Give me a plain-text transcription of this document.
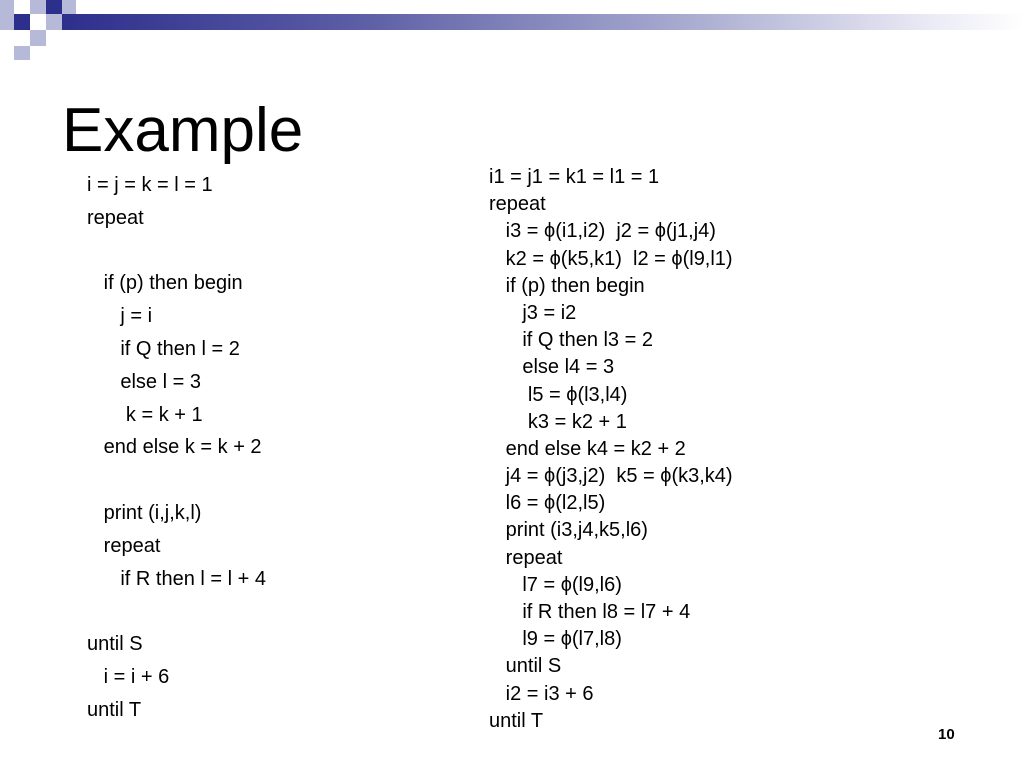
Example
i = j = k = l = 1
repeat
if (p) then begin
j = i
if Q then l = 2
else l = 3
k = k + 1
end else k = k + 2
print (i,j,k,l)
repeat
if R then l = l + 4
until S
i = i + 6
until T
i1 = j1 = k1 = l1 = 1
repeat
i3 = ϕ(i1,i2)  j2 = ϕ(j1,j4)
k2 = ϕ(k5,k1)  l2 = ϕ(l9,l1)
if (p) then begin
j3 = i2
if Q then l3 = 2
else l4 = 3
l5 = ϕ(l3,l4)
k3 = k2 + 1
end else k4 = k2 + 2
j4 = ϕ(j3,j2)  k5 = ϕ(k3,k4)
l6 = ϕ(l2,l5)
print (i3,j4,k5,l6)
repeat
l7 = ϕ(l9,l6)
if R then l8 = l7 + 4
l9 = ϕ(l7,l8)
until S
i2 = i3 + 6
until T
10
